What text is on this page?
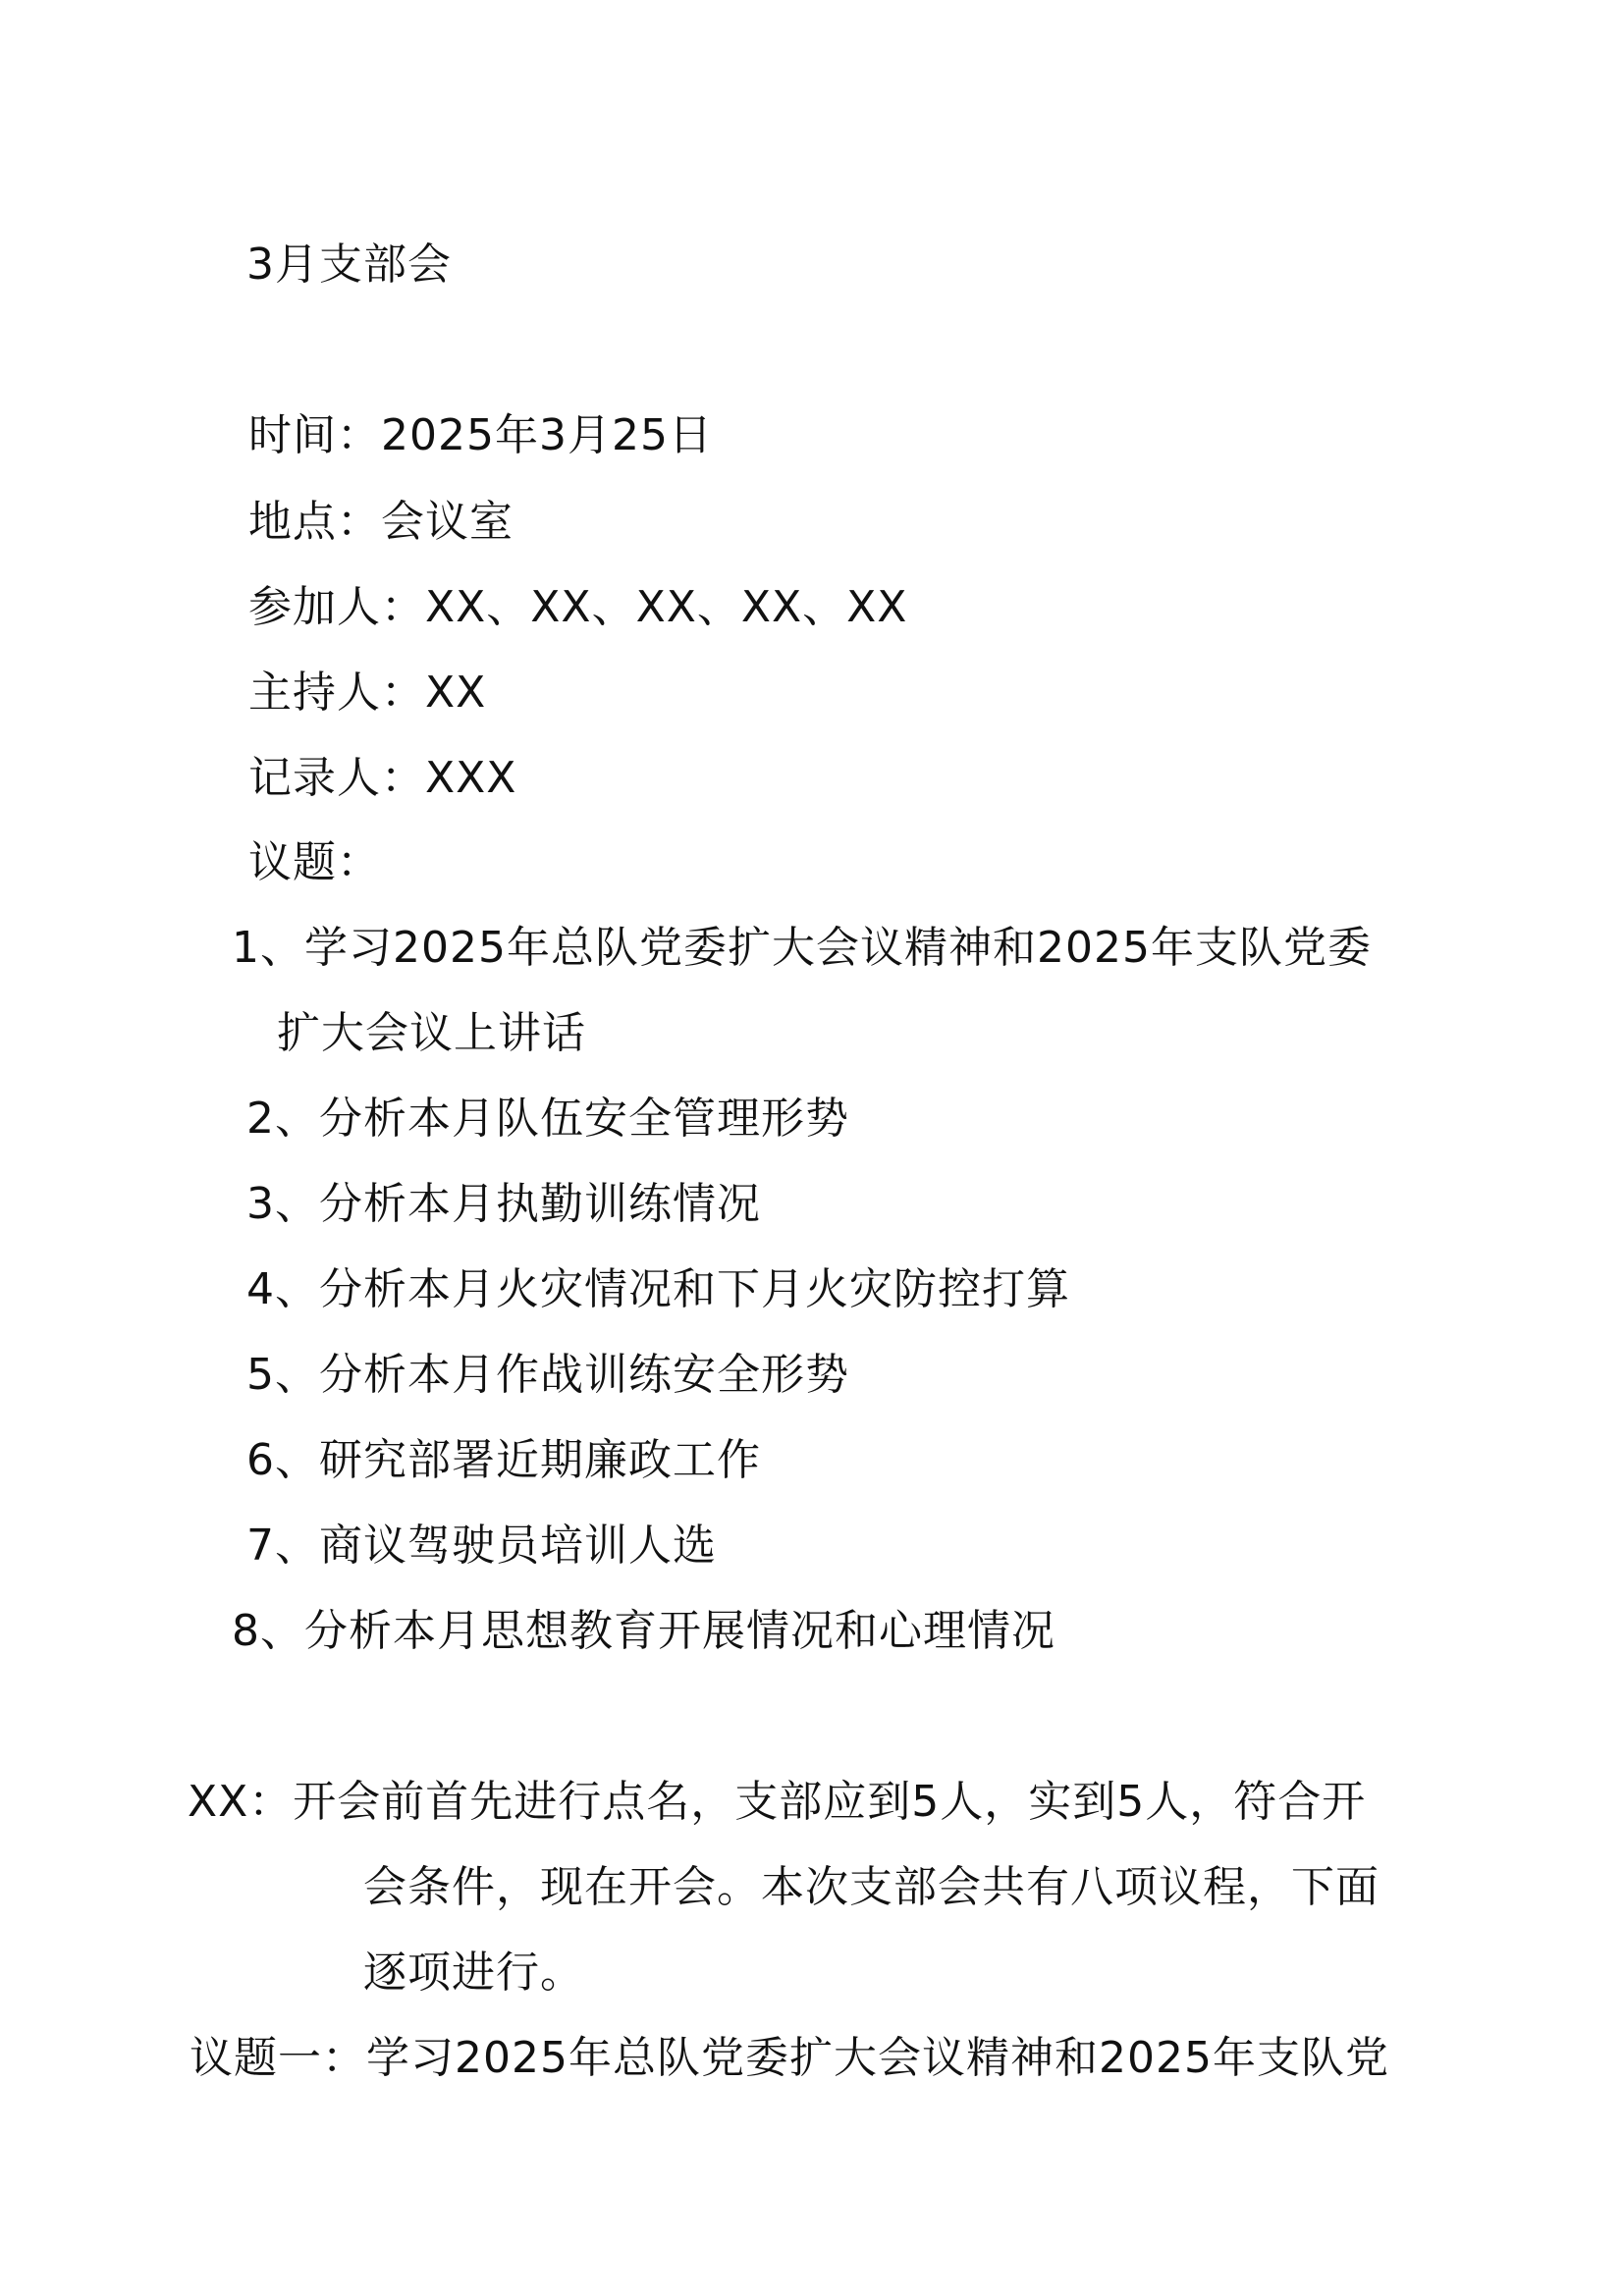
3月支部会
时间：2025年3月25日
地点：会议室
参加人：XX、XX、XX、XX、XX
主持人：XX
记录人：XXX
议题：
1、学习2025年总队党委扩大会议精神和2025年支队党委
扩大会议上讲话
2、分析本月队伍安全管理形势
3、分析本月执勤训练情况
4、分析本月火灾情况和下月火灾防控打算
5、分析本月作战训练安全形势
6、研究部署近期廉政工作
7、商议驾驶员培训人选
8、分析本月思想教育开展情况和心理情况
XX：开会前首先进行点名，支部应到5人，实到5人，符合开
会条件，现在开会。本次支部会共有八项议程，下面
逐项进行。
议题一：学习2025年总队党委扩大会议精神和2025年支队党
